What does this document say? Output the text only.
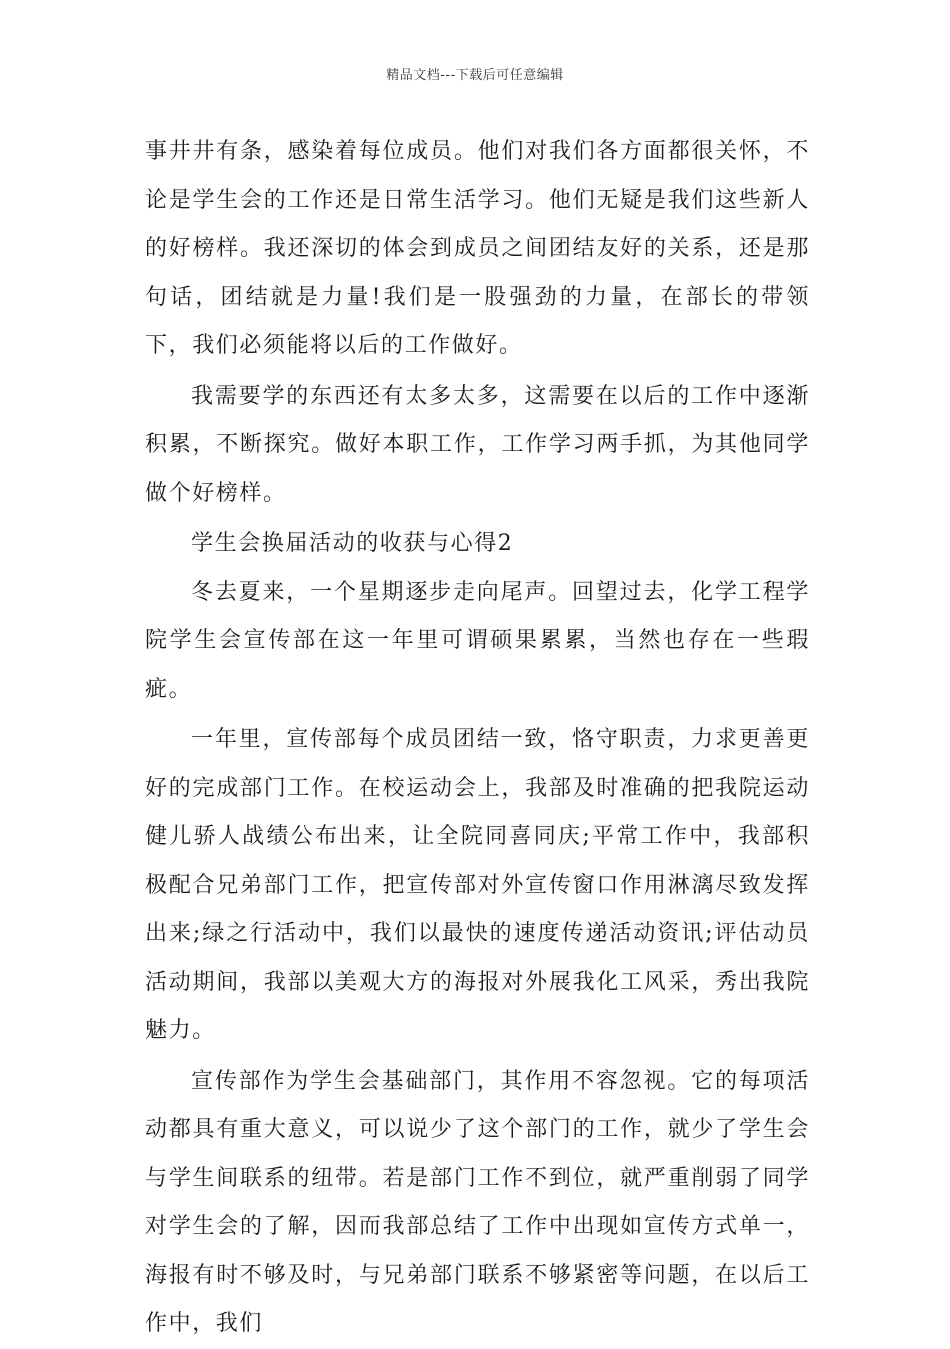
精品文档---下载后可任意编辑

事井井有条，感染着每位成员。他们对我们各方面都很关怀，不论是学生会的工作还是日常生活学习。他们无疑是我们这些新人的好榜样。我还深切的体会到成员之间团结友好的关系，还是那句话，团结就是力量!我们是一股强劲的力量，在部长的带领下，我们必须能将以后的工作做好。

我需要学的东西还有太多太多，这需要在以后的工作中逐渐积累，不断探究。做好本职工作，工作学习两手抓，为其他同学做个好榜样。

学生会换届活动的收获与心得2

冬去夏来，一个星期逐步走向尾声。回望过去，化学工程学院学生会宣传部在这一年里可谓硕果累累，当然也存在一些瑕疵。

一年里，宣传部每个成员团结一致，恪守职责，力求更善更好的完成部门工作。在校运动会上，我部及时准确的把我院运动健儿骄人战绩公布出来，让全院同喜同庆;平常工作中，我部积极配合兄弟部门工作，把宣传部对外宣传窗口作用淋漓尽致发挥出来;绿之行活动中，我们以最快的速度传递活动资讯;评估动员活动期间，我部以美观大方的海报对外展我化工风采，秀出我院魅力。

宣传部作为学生会基础部门，其作用不容忽视。它的每项活动都具有重大意义，可以说少了这个部门的工作，就少了学生会与学生间联系的纽带。若是部门工作不到位，就严重削弱了同学对学生会的了解，因而我部总结了工作中出现如宣传方式单一，海报有时不够及时，与兄弟部门联系不够紧密等问题，在以后工作中，我们
